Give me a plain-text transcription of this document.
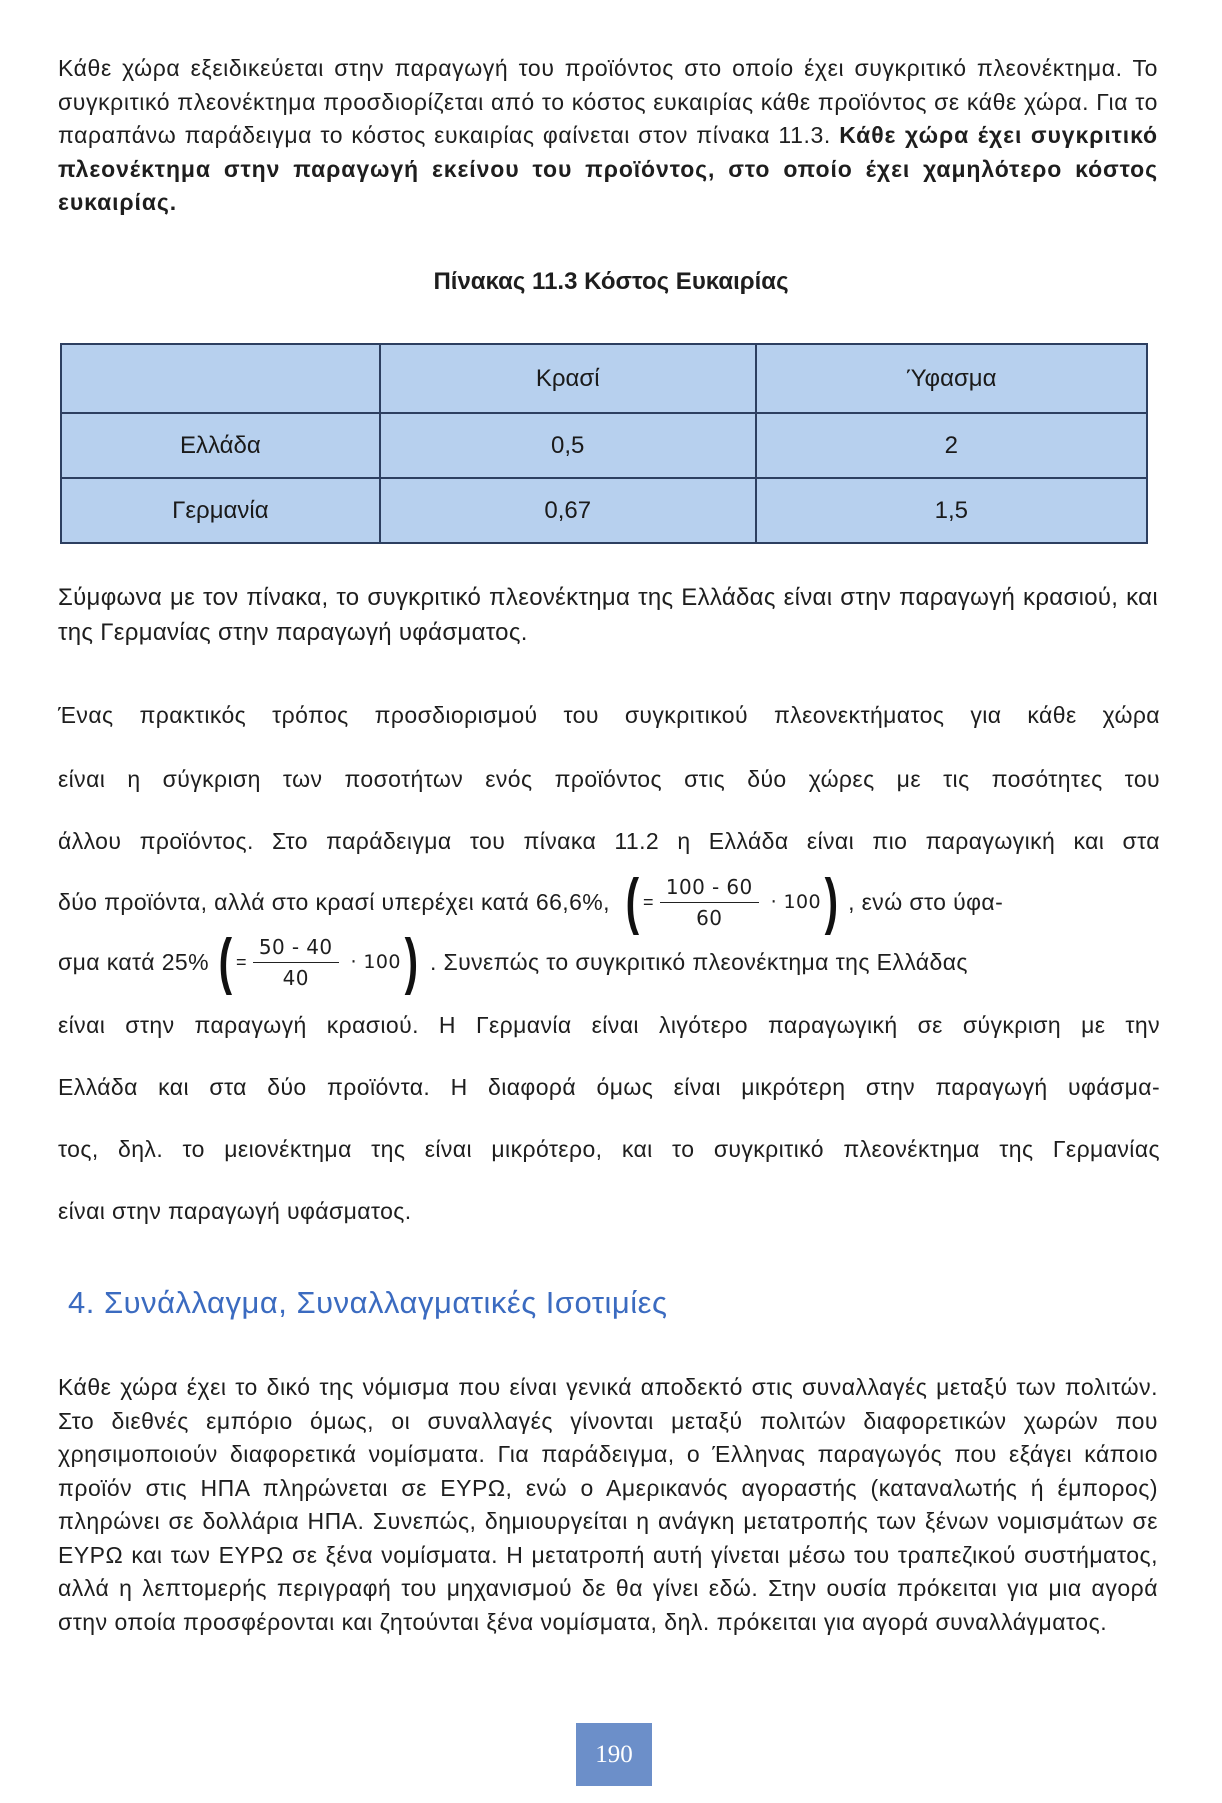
Κάθε χώρα εξειδικεύεται στην παραγωγή του προϊόντος στο οποίο έχει συγκριτικό πλεονέκτημα. Το συγκριτικό πλεονέκτημα προσδιορίζεται από το κόστος ευκαιρίας κάθε προϊόντος σε κάθε χώρα. Για το παραπάνω παράδειγμα το κόστος ευκαιρίας φαίνεται στον πίνακα 11.3. Κάθε χώρα έχει συγκριτικό πλεονέκτημα στην παραγωγή εκείνου του προϊόντος, στο οποίο έχει χαμηλότερο κόστος ευκαιρίας.

Πίνακας 11.3 Κόστος Ευκαιρίας

	Κρασί	Ύφασμα
Ελλάδα	0,5	2
Γερμανία	0,67	1,5

Σύμφωνα με τον πίνακα, το συγκριτικό πλεονέκτημα της Ελλάδας είναι στην παραγωγή κρασιού, και της Γερμανίας στην παραγωγή υφάσματος.

Ένας πρακτικός τρόπος προσδιορισμού του συγκριτικού πλεονεκτήματος για κάθε χώρα

είναι η σύγκριση των ποσοτήτων ενός προϊόντος στις δύο χώρες με τις ποσότητες του

άλλου προϊόντος. Στο παράδειγμα του πίνακα 11.2 η Ελλάδα είναι πιο παραγωγική και στα

δύο προϊόντα, αλλά στο κρασί υπερέχει κατά 66,6%, ( = $\frac{100 - 60}{60} \cdot 100$ ) , ενώ στο ύφα-
σμα κατά 25% ( = $\frac{50 - 40}{40} \cdot 100$ ) . Συνεπώς το συγκριτικό πλεονέκτημα της Ελλάδας

είναι στην παραγωγή κρασιού. Η Γερμανία είναι λιγότερο παραγωγική σε σύγκριση με την

Ελλάδα και στα δύο προϊόντα. Η διαφορά όμως είναι μικρότερη στην παραγωγή υφάσμα-

τος, δηλ. το μειονέκτημα της είναι μικρότερο, και το συγκριτικό πλεονέκτημα της Γερμανίας

είναι στην παραγωγή υφάσματος.

4. Συνάλλαγμα, Συναλλαγματικές Ισοτιμίες

Κάθε χώρα έχει το δικό της νόμισμα που είναι γενικά αποδεκτό στις συναλλαγές μεταξύ των πολιτών. Στο διεθνές εμπόριο όμως, οι συναλλαγές γίνονται μεταξύ πολιτών διαφορετικών χωρών που χρησιμοποιούν διαφορετικά νομίσματα. Για παράδειγμα, ο Έλληνας παραγωγός που εξάγει κάποιο προϊόν στις ΗΠΑ πληρώνεται σε ΕΥΡΩ, ενώ ο Αμερικανός αγοραστής (καταναλωτής ή έμπορος) πληρώνει σε δολλάρια ΗΠΑ. Συνεπώς, δημιουργείται η ανάγκη μετατροπής των ξένων νομισμάτων σε ΕΥΡΩ και των ΕΥΡΩ σε ξένα νομίσματα. Η μετατροπή αυτή γίνεται μέσω του τραπεζικού συστήματος, αλλά η λεπτομερής περιγραφή του μηχανισμού δε θα γίνει εδώ. Στην ουσία πρόκειται για μια αγορά στην οποία προσφέρονται και ζητούνται ξένα νομίσματα, δηλ. πρόκειται για αγορά συναλλάγματος.

190
